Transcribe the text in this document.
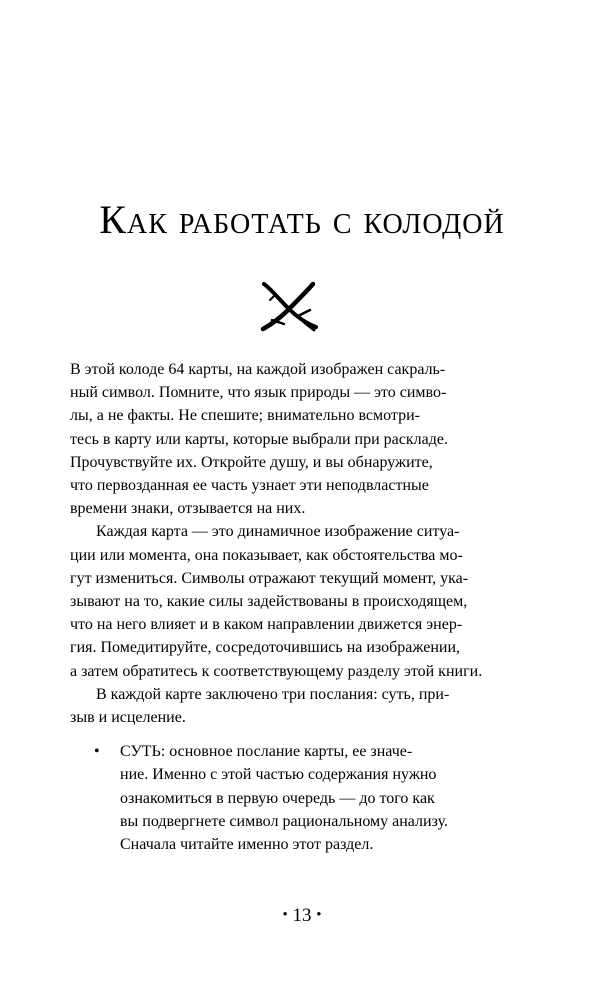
Как работать с колодой

В этой колоде 64 карты, на каждой изображен сакраль-
ный символ. Помните, что язык природы — это симво-
лы, а не факты. Не спешите; внимательно всмотри-
тесь в карту или карты, которые выбрали при раскладе.
Прочувствуйте их. Откройте душу, и вы обнаружите,
что первозданная ее часть узнает эти неподвластные
времени знаки, отзывается на них.

Каждая карта — это динамичное изображение ситуа-
ции или момента, она показывает, как обстоятельства мо-
гут измениться. Символы отражают текущий момент, ука-
зывают на то, какие силы задействованы в происходящем,
что на него влияет и в каком направлении движется энер-
гия. Помедитируйте, сосредоточившись на изображении,
а затем обратитесь к соответствующему разделу этой книги.

В каждой карте заключено три послания: суть, при-
зыв и исцеление.

• СУТЬ: основное послание карты, ее значе-
ние. Именно с этой частью содержания нужно
ознакомиться в первую очередь — до того как
вы подвергнете символ рациональному анализу.
Сначала читайте именно этот раздел.
• 13 •
